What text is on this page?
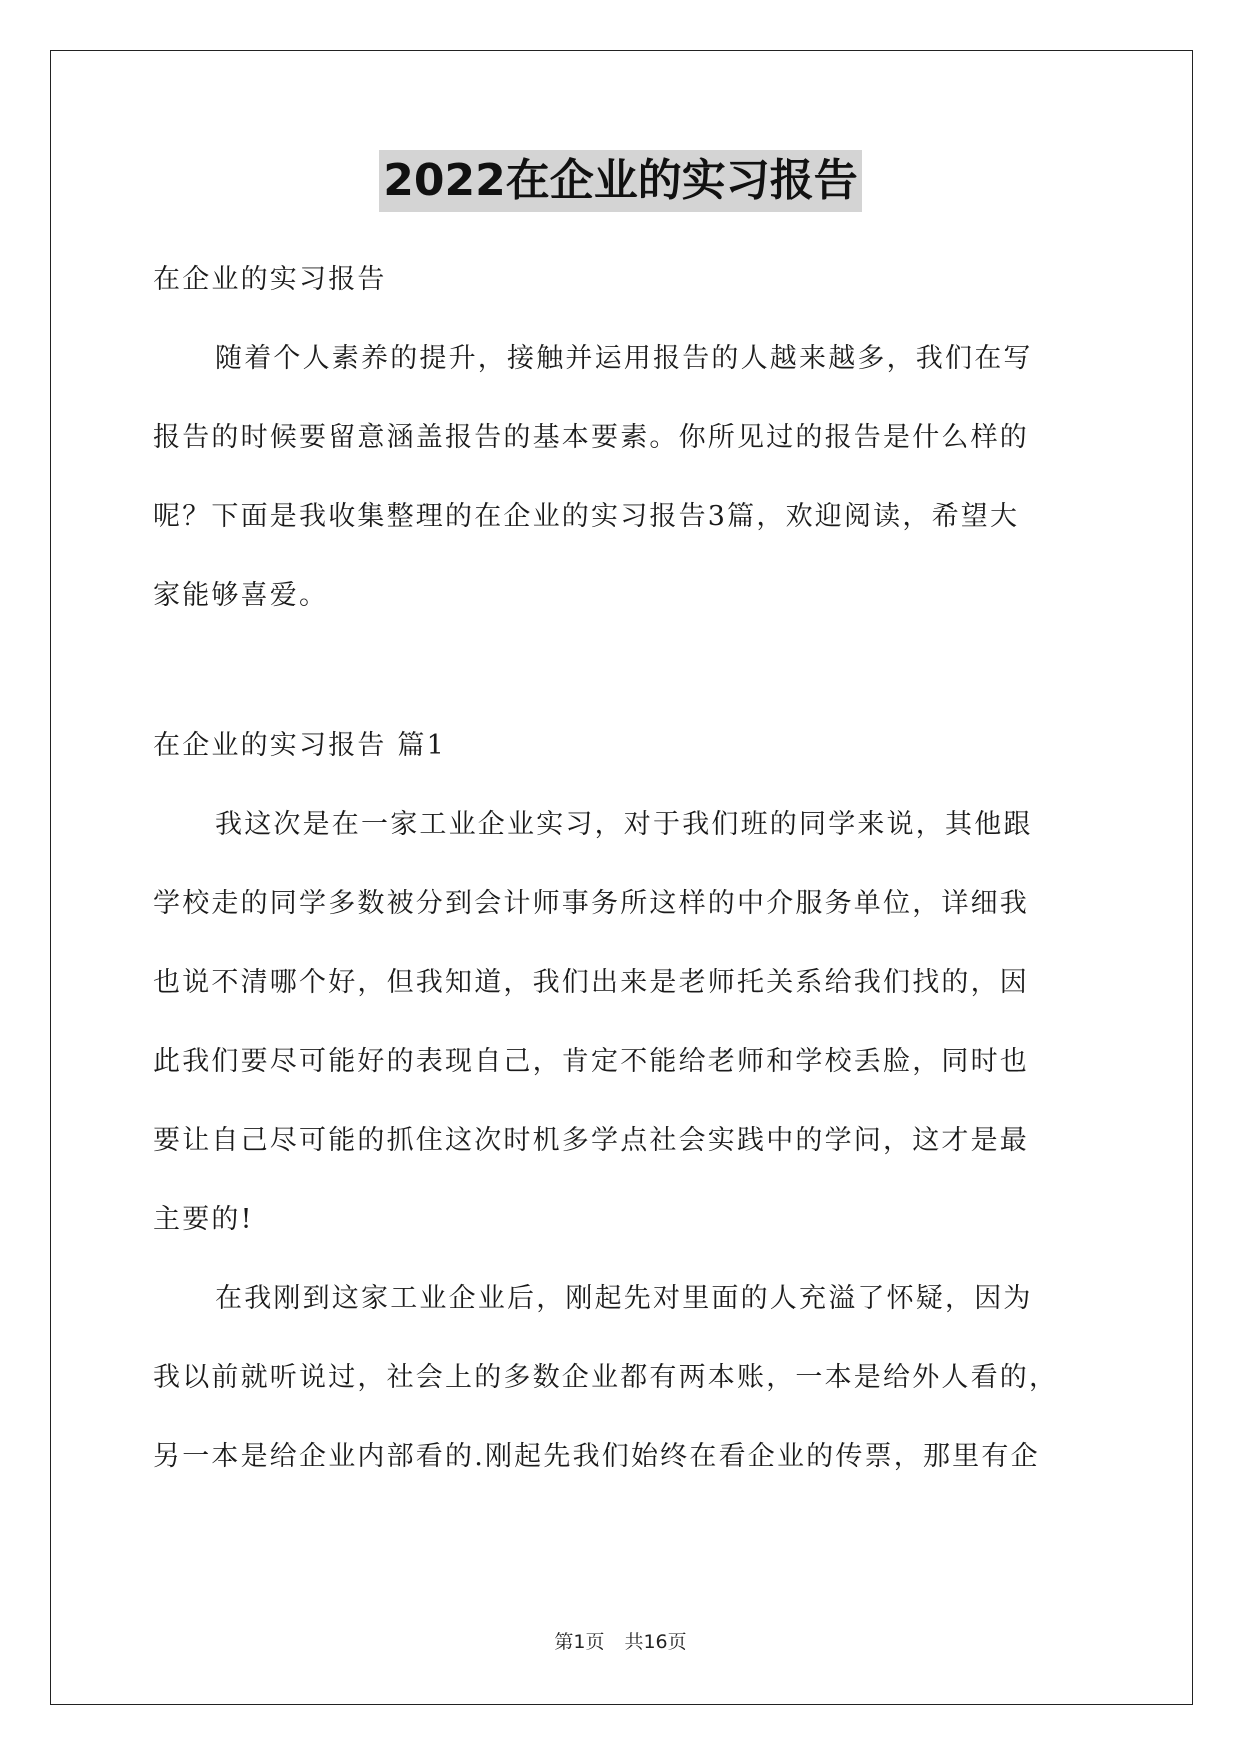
2022在企业的实习报告
在企业的实习报告
随着个人素养的提升，接触并运用报告的人越来越多，我们在写
报告的时候要留意涵盖报告的基本要素。你所见过的报告是什么样的
呢？下面是我收集整理的在企业的实习报告3篇，欢迎阅读，希望大
家能够喜爱。
在企业的实习报告 篇1
我这次是在一家工业企业实习，对于我们班的同学来说，其他跟
学校走的同学多数被分到会计师事务所这样的中介服务单位，详细我
也说不清哪个好，但我知道，我们出来是老师托关系给我们找的，因
此我们要尽可能好的表现自己，肯定不能给老师和学校丢脸，同时也
要让自己尽可能的抓住这次时机多学点社会实践中的学问，这才是最
主要的!
在我刚到这家工业企业后，刚起先对里面的人充溢了怀疑，因为
我以前就听说过，社会上的多数企业都有两本账，一本是给外人看的，
另一本是给企业内部看的.刚起先我们始终在看企业的传票，那里有企
第1页 共16页
